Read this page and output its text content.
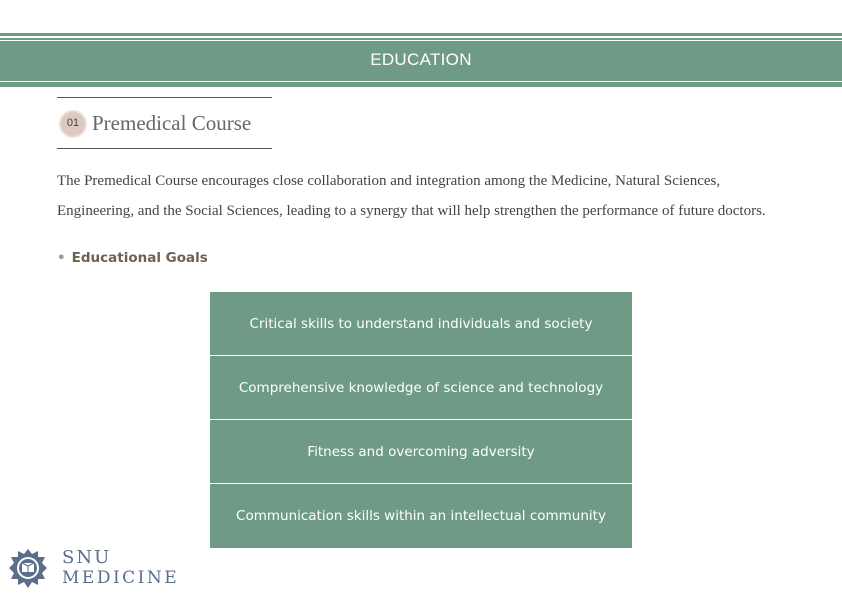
EDUCATION
01 Premedical Course

The Premedical Course encourages close collaboration and integration among the Medicine, Natural Sciences,

Engineering, and the Social Sciences, leading to a synergy that will help strengthen the performance of future doctors.

• Educational Goals
Critical skills to understand individuals and society
Comprehensive knowledge of science and technology
Fitness and overcoming adversity
Communication skills within an intellectual community
SNU
MEDICINE
